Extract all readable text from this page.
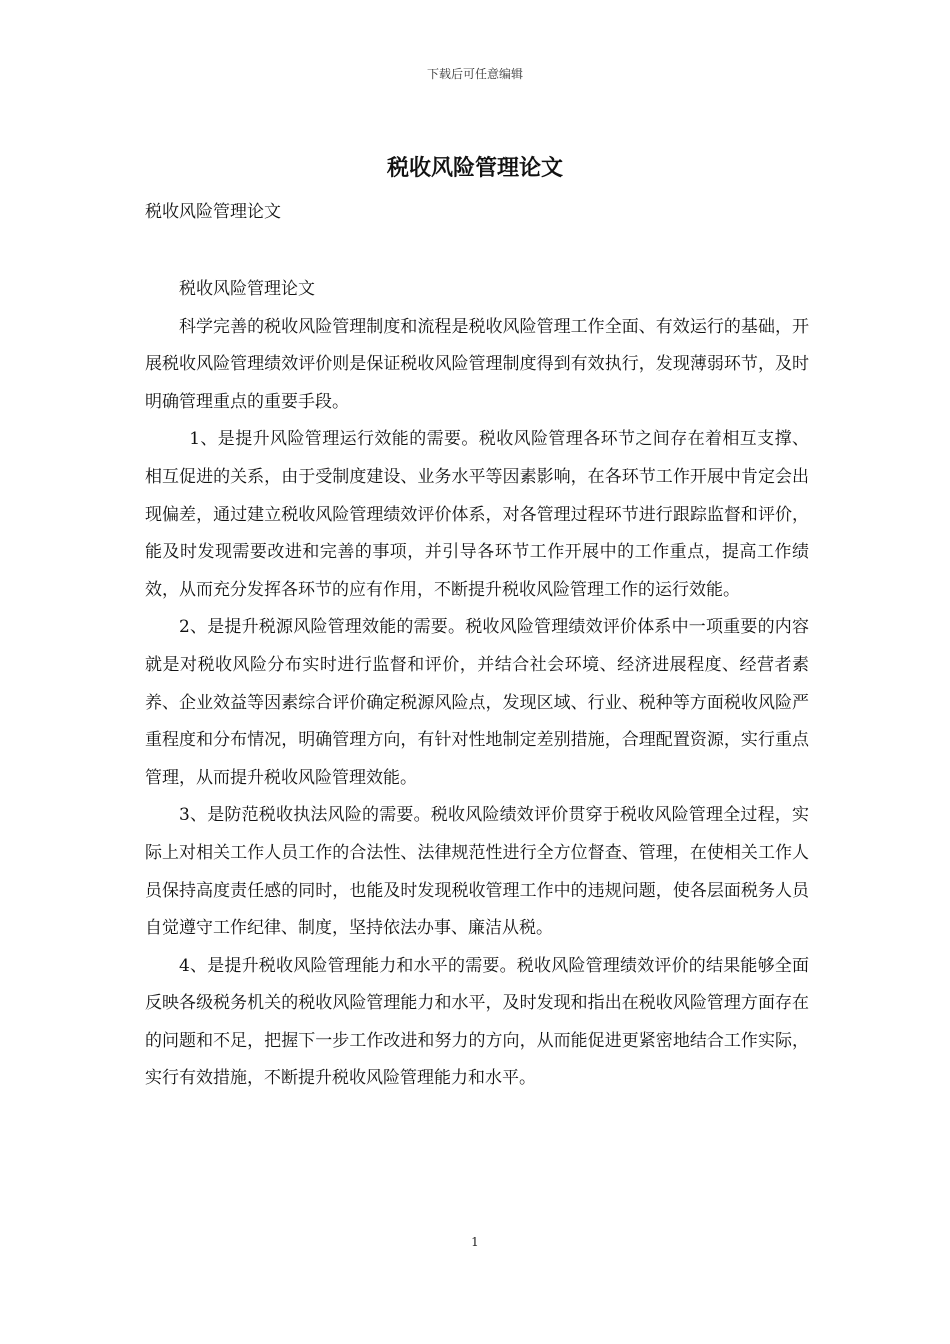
下载后可任意编辑
税收风险管理论文
税收风险管理论文

税收风险管理论文

科学完善的税收风险管理制度和流程是税收风险管理工作全面、有效运行的基础，开展税收风险管理绩效评价则是保证税收风险管理制度得到有效执行，发现薄弱环节，及时明确管理重点的重要手段。

1、是提升风险管理运行效能的需要。税收风险管理各环节之间存在着相互支撑、相互促进的关系，由于受制度建设、业务水平等因素影响，在各环节工作开展中肯定会出现偏差，通过建立税收风险管理绩效评价体系，对各管理过程环节进行跟踪监督和评价，能及时发现需要改进和完善的事项，并引导各环节工作开展中的工作重点，提高工作绩效，从而充分发挥各环节的应有作用，不断提升税收风险管理工作的运行效能。

2、是提升税源风险管理效能的需要。税收风险管理绩效评价体系中一项重要的内容就是对税收风险分布实时进行监督和评价，并结合社会环境、经济进展程度、经营者素养、企业效益等因素综合评价确定税源风险点，发现区域、行业、税种等方面税收风险严重程度和分布情况，明确管理方向，有针对性地制定差别措施，合理配置资源，实行重点管理，从而提升税收风险管理效能。

3、是防范税收执法风险的需要。税收风险绩效评价贯穿于税收风险管理全过程，实际上对相关工作人员工作的合法性、法律规范性进行全方位督查、管理，在使相关工作人员保持高度责任感的同时，也能及时发现税收管理工作中的违规问题，使各层面税务人员自觉遵守工作纪律、制度，坚持依法办事、廉洁从税。

4、是提升税收风险管理能力和水平的需要。税收风险管理绩效评价的结果能够全面反映各级税务机关的税收风险管理能力和水平，及时发现和指出在税收风险管理方面存在的问题和不足，把握下一步工作改进和努力的方向，从而能促进更紧密地结合工作实际，实行有效措施，不断提升税收风险管理能力和水平。

1
